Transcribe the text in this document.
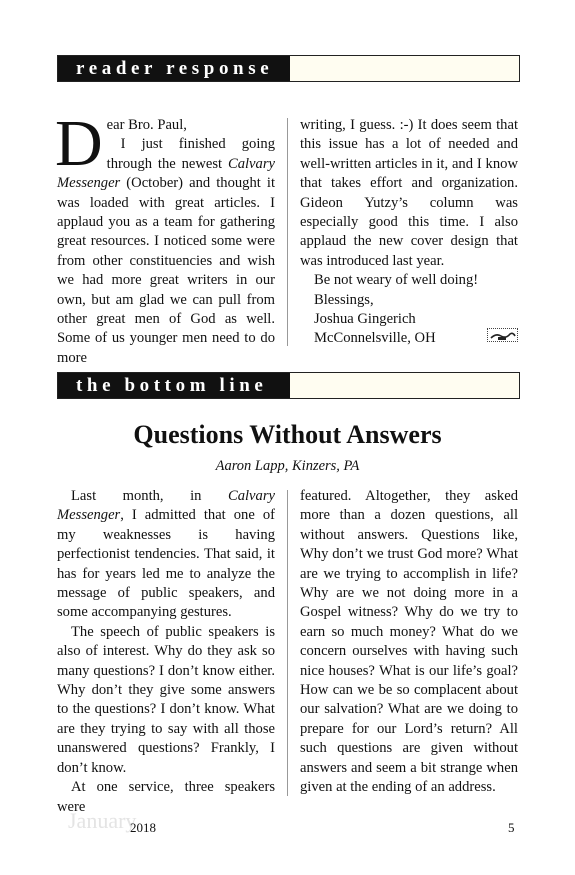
reader response

Dear Bro. Paul,
I just finished going through the newest Calvary Messenger (October) and thought it was loaded with great articles. I applaud you as a team for gathering great resources. I noticed some were from other constituencies and wish we had more great writers in our own, but am glad we can pull from other great men of God as well. Some of us younger men need to do more

writing, I guess. :-) It does seem that this issue has a lot of needed and well-written articles in it, and I know that takes effort and organization. Gideon Yutzy’s column was especially good this time. I also applaud the new cover design that was introduced last year.

Be not weary of well doing!

Blessings,

Joshua Gingerich

McConnelsville, OH

the bottom line
Questions Without Answers
Aaron Lapp, Kinzers, PA

Last month, in Calvary Messenger, I admitted that one of my weaknesses is having perfectionist tendencies. That said, it has for years led me to analyze the message of public speakers, and some accompanying gestures.

The speech of public speakers is also of interest. Why do they ask so many questions? I don’t know either. Why don’t they give some answers to the questions? I don’t know. What are they trying to say with all those unanswered questions? Frankly, I don’t know.

At one service, three speakers were

featured. Altogether, they asked more than a dozen questions, all without answers. Questions like, Why don’t we trust God more? What are we trying to accomplish in life? Why are we not doing more in a Gospel witness? Why do we try to earn so much money? What do we concern ourselves with having such nice houses? What is our life’s goal? How can we be so complacent about our salvation? What are we doing to prepare for our Lord’s return? All such questions are given without answers and seem a bit strange when given at the ending of an address.

January
2018	5
